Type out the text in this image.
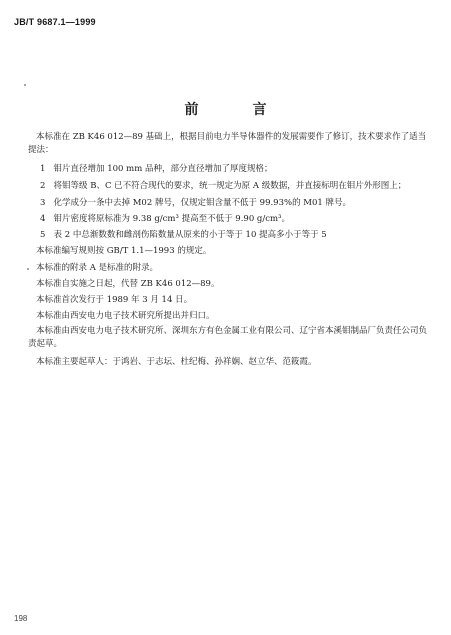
JB/T 9687.1—1999
前　言
本标准在 ZB K46 012—89 基础上，根据目前电力半导体器件的发展需要作了修订，技术要求作了适当提法：
1 钼片直径增加 100 mm 品种，部分直径增加了厚度规格；
2 将钼等级 B、C 已不符合现代的要求，统一规定为原 A 级数据，并直接标明在钼片外形图上；
3 化学成分一条中去掉 M02 牌号，仅规定钼含量不低于 99.93%的 M01 牌号。
4 钼片密度将原标准为 9.38 g/cm³ 提高至不低于 9.90 g/cm³。
5 表 2 中总渐数数和雌剖伤陷数量从原来的小于等于 10 提高多小于等于 5
本标准编写规则按 GB/T 1.1—1993 的规定。
本标准的附录 A 是标准的附录。
本标准自实施之日起，代替 ZB K46 012—89。
本标准首次发行于 1989 年 3 月 14 日。
本标准由西安电力电子技术研究所提出并归口。
本标准由西安电力电子技术研究所、深圳东方有色金属工业有限公司、辽宁省本溪钼制品厂负责任公司负责起草。
本标准主要起草人：于鸿岩、于志坛、杜纪梅、孙祥娴、赵立华、范筱霞。
198
